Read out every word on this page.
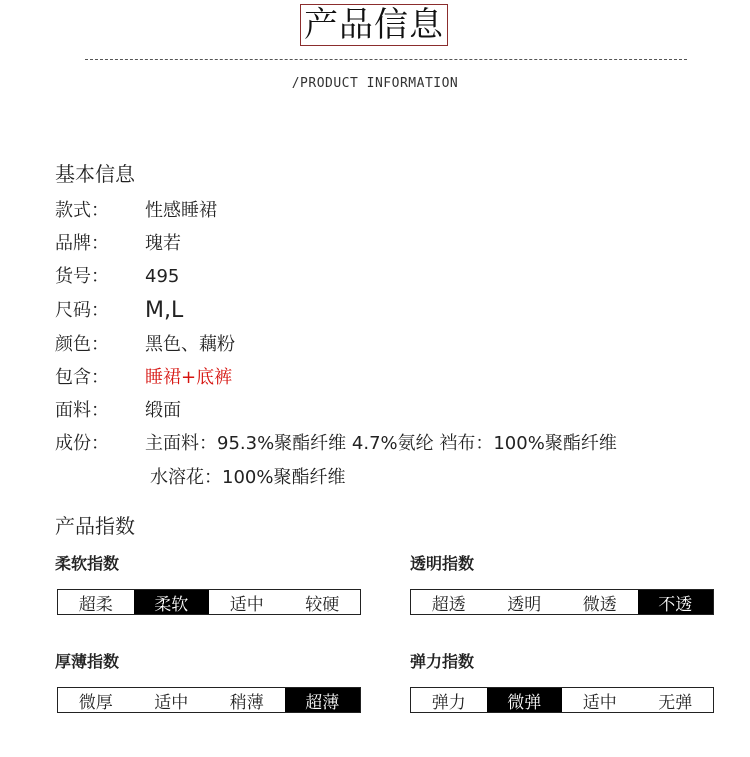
产品信息
/PRODUCT INFORMATION
基本信息
款式：	性感睡裙
品牌：	瑰若
货号：	495
尺码：	M,L
颜色：	黑色、藕粉
包含：	睡裙+底裤
面料：	缎面
成份：	主面料：95.3%聚酯纤维 4.7%氨纶 裆布：100%聚酯纤维
水溶花：100%聚酯纤维
产品指数
柔软指数
超柔	柔软	适中	较硬
透明指数
超透	透明	微透	不透
厚薄指数
微厚	适中	稍薄	超薄
弹力指数
弹力	微弹	适中	无弹
